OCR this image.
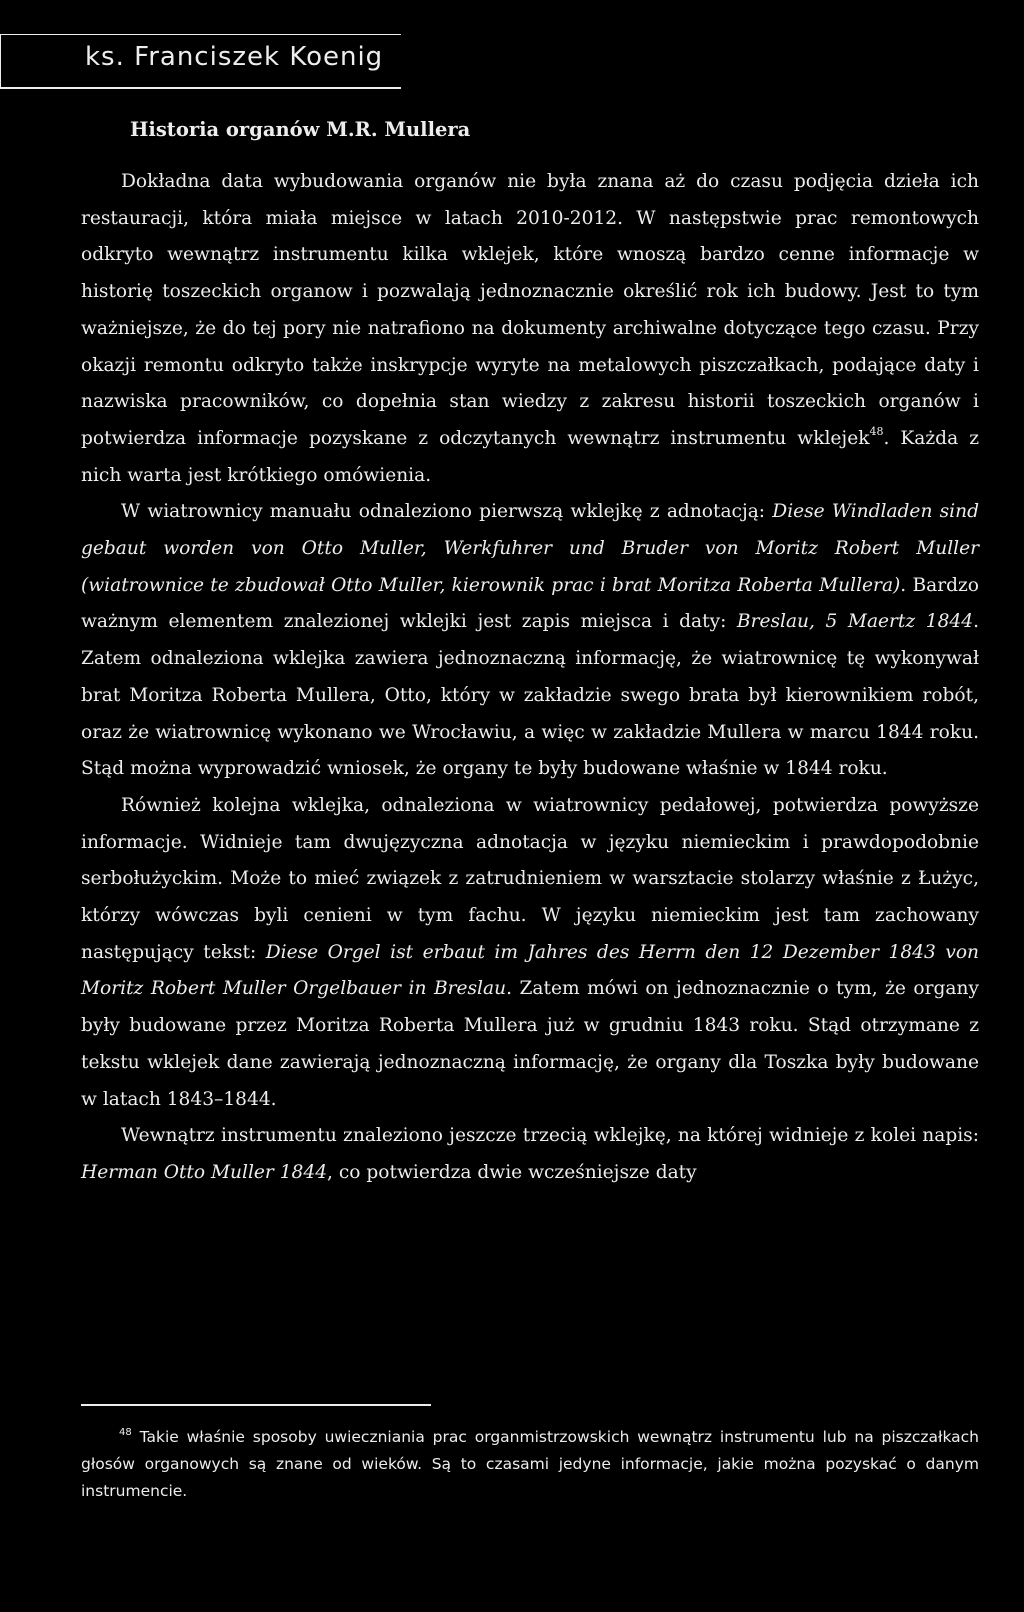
ks. Franciszek Koenig
Historia organów M.R. Mullera

Dokładna data wybudowania organów nie była znana aż do czasu podjęcia dzieła ich restauracji, która miała miejsce w latach 2010-2012. W następstwie prac remontowych odkryto wewnątrz instrumentu kilka wklejek, które wnoszą bardzo cenne informacje w historię toszeckich organow i pozwalają jednoznacznie określić rok ich budowy. Jest to tym ważniejsze, że do tej pory nie natrafiono na dokumenty archiwalne dotyczące tego czasu. Przy okazji remontu odkryto także inskrypcje wyryte na metalowych piszczałkach, podające daty i nazwiska pracowników, co dopełnia stan wiedzy z zakresu historii toszeckich organów i potwierdza informacje pozyskane z odczytanych wewnątrz instrumentu wklejek$^{48}$. Każda z nich warta jest krótkiego omówienia.

W wiatrownicy manuału odnaleziono pierwszą wklejkę z adnotacją: Diese Windladen sind gebaut worden von Otto Muller, Werkfuhrer und Bruder von Moritz Robert Muller (wiatrownice te zbudował Otto Muller, kierownik prac i brat Moritza Roberta Mullera). Bardzo ważnym elementem znalezionej wklejki jest zapis miejsca i daty: Breslau, 5 Maertz 1844. Zatem odnaleziona wklejka zawiera jednoznaczną informację, że wiatrownicę tę wykonywał brat Moritza Roberta Mullera, Otto, który w zakładzie swego brata był kierownikiem robót, oraz że wiatrownicę wykonano we Wrocławiu, a więc w zakładzie Mullera w marcu 1844 roku. Stąd można wyprowadzić wniosek, że organy te były budowane właśnie w 1844 roku.

Również kolejna wklejka, odnaleziona w wiatrownicy pedałowej, potwierdza powyższe informacje. Widnieje tam dwujęzyczna adnotacja w języku niemieckim i prawdopodobnie serbołużyckim. Może to mieć związek z zatrudnieniem w warsztacie stolarzy właśnie z Łużyc, którzy wówczas byli cenieni w tym fachu. W języku niemieckim jest tam zachowany następujący tekst: Diese Orgel ist erbaut im Jahres des Herrn den 12 Dezember 1843 von Moritz Robert Muller Orgelbauer in Breslau. Zatem mówi on jednoznacznie o tym, że organy były budowane przez Moritza Roberta Mullera już w grudniu 1843 roku. Stąd otrzymane z tekstu wklejek dane zawierają jednoznaczną informację, że organy dla Toszka były budowane w latach 1843–1844.

Wewnątrz instrumentu znaleziono jeszcze trzecią wklejkę, na której widnieje z kolei napis: Herman Otto Muller 1844, co potwierdza dwie wcześniejsze daty

$^{48}$ Takie właśnie sposoby uwieczniania prac organmistrzowskich wewnątrz instrumentu lub na piszczałkach głosów organowych są znane od wieków. Są to czasami jedyne informacje, jakie można pozyskać o danym instrumencie.
